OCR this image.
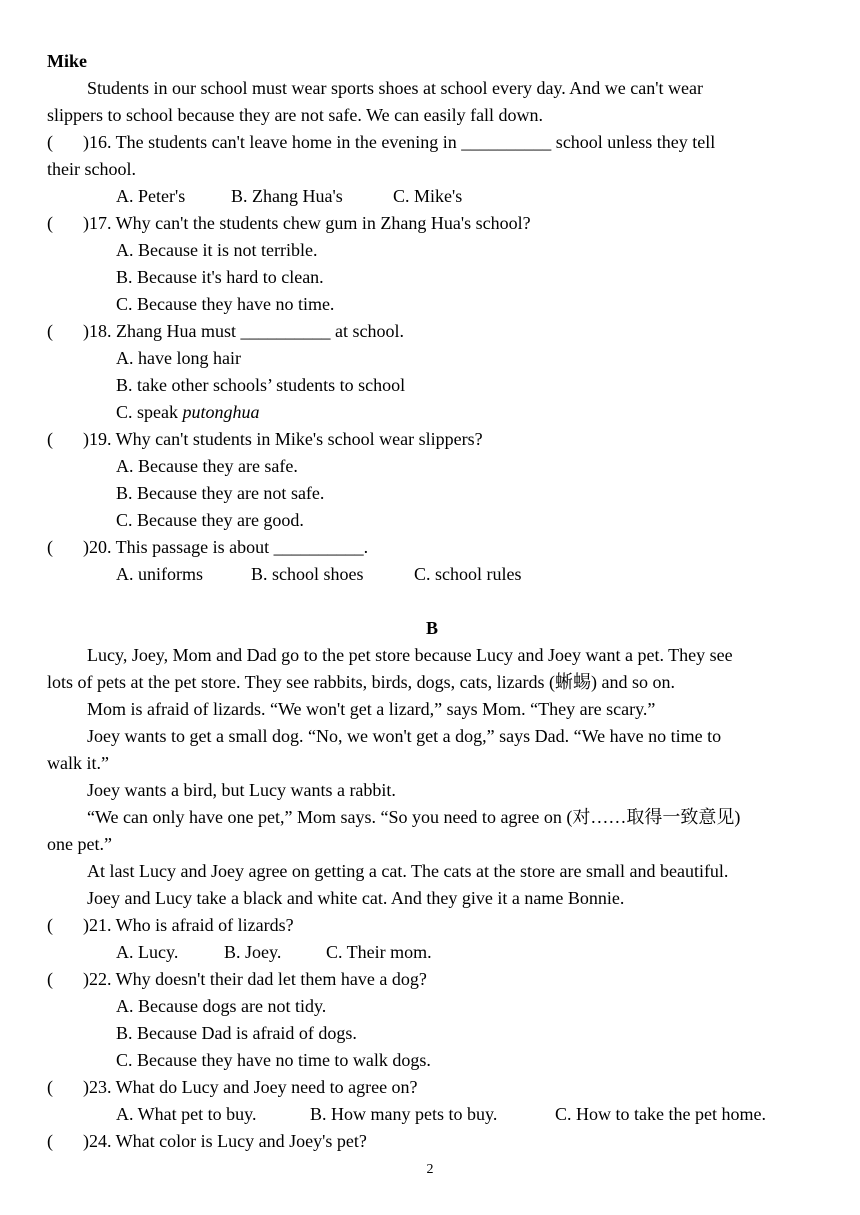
Mike
Students in our school must wear sports shoes at school every day. And we can't wear
slippers to school because they are not safe. We can easily fall down.
( )16. The students can't leave home in the evening in __________ school unless they tell
their school.
A. Peter's	B. Zhang Hua's	C. Mike's
( )17. Why can't the students chew gum in Zhang Hua's school?
A. Because it is not terrible.
B. Because it's hard to clean.
C. Because they have no time.
( )18. Zhang Hua must __________ at school.
A. have long hair
B. take other schools’ students to school
C. speak putonghua
( )19. Why can't students in Mike's school wear slippers?
A. Because they are safe.
B. Because they are not safe.
C. Because they are good.
( )20. This passage is about __________.
A. uniforms	B. school shoes	C. school rules
B
Lucy, Joey, Mom and Dad go to the pet store because Lucy and Joey want a pet. They see
lots of pets at the pet store. They see rabbits, birds, dogs, cats, lizards (蜥蜴) and so on.
Mom is afraid of lizards. “We won't get a lizard,” says Mom. “They are scary.”
Joey wants to get a small dog. “No, we won't get a dog,” says Dad. “We have no time to
walk it.”
Joey wants a bird, but Lucy wants a rabbit.
“We can only have one pet,” Mom says. “So you need to agree on (对……取得一致意见)
one pet.”
At last Lucy and Joey agree on getting a cat. The cats at the store are small and beautiful.
Joey and Lucy take a black and white cat. And they give it a name Bonnie.
( )21. Who is afraid of lizards?
A. Lucy.	B. Joey. C. Their mom.
( )22. Why doesn't their dad let them have a dog?
A. Because dogs are not tidy.
B. Because Dad is afraid of dogs.
C. Because they have no time to walk dogs.
( )23. What do Lucy and Joey need to agree on?
A. What pet to buy.	B. How many pets to buy.	C. How to take the pet home.
( )24. What color is Lucy and Joey's pet?
2
